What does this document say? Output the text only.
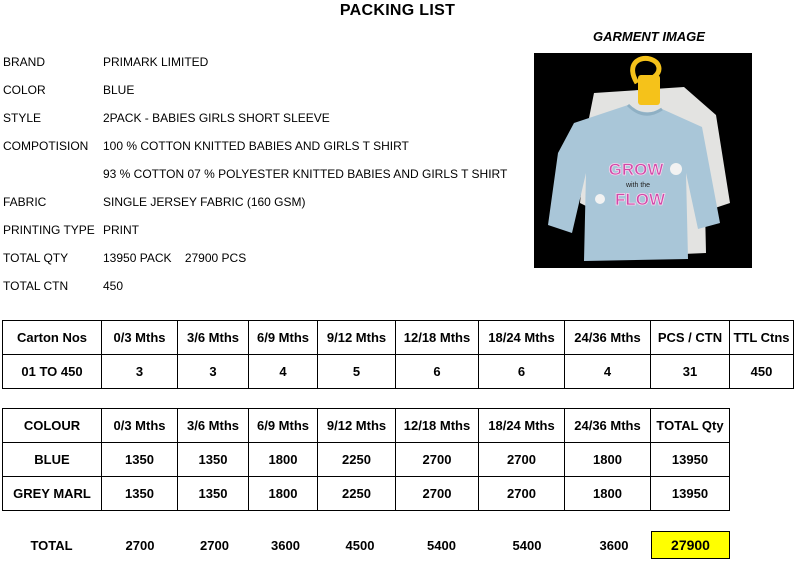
PACKING LIST
BRAND	PRIMARK LIMITED
COLOR	BLUE
STYLE	2PACK - BABIES GIRLS SHORT SLEEVE
COMPOTISION 100 % COTTON KNITTED BABIES AND GIRLS T SHIRT
93 % COTTON 07 % POLYESTER KNITTED BABIES AND GIRLS T SHIRT
FABRIC	SINGLE JERSEY FABRIC (160 GSM)
PRINTING TYPE PRINT
TOTAL QTY	13950 PACK    27900 PCS
TOTAL CTN	450
GARMENT IMAGE
GROW
with the
FLOW
Carton Nos	0/3 Mths	3/6 Mths	6/9 Mths	9/12 Mths	12/18 Mths	18/24 Mths	24/36 Mths	PCS / CTN	TTL Ctns
01 TO 450	3	3	4	5	6	6	4	31	450
COLOUR	0/3 Mths	3/6 Mths	6/9 Mths	9/12 Mths	12/18 Mths	18/24 Mths	24/36 Mths	TOTAL Qty
BLUE	1350	1350	1800	2250	2700	2700	1800	13950
GREY MARL	1350	1350	1800	2250	2700	2700	1800	13950
TOTAL	2700	2700	3600	4500	5400	5400	3600	27900
